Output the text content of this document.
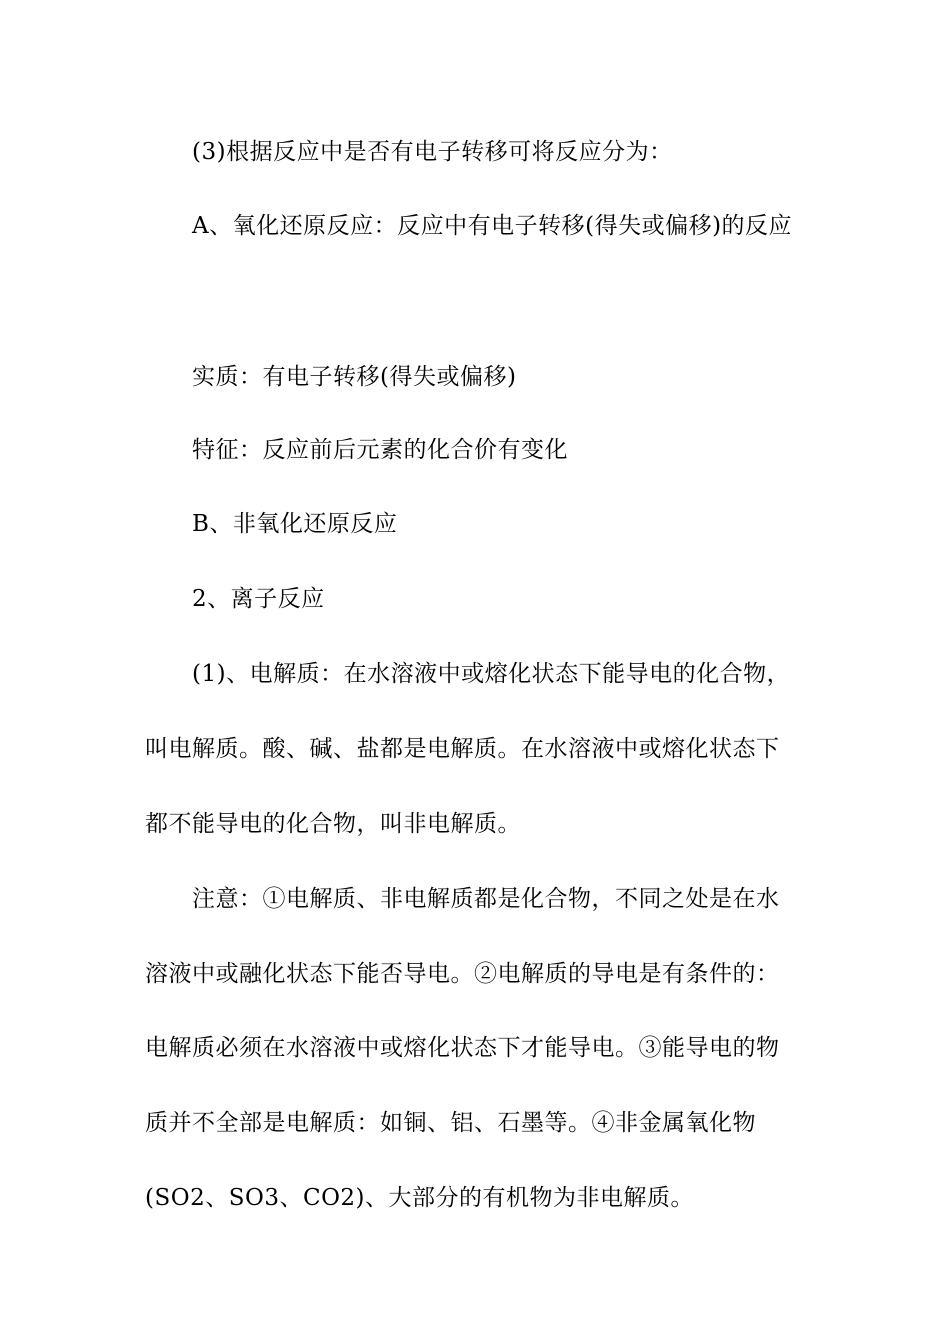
(3)根据反应中是否有电子转移可将反应分为：
A、氧化还原反应：反应中有电子转移(得失或偏移)的反应
实质：有电子转移(得失或偏移)
特征：反应前后元素的化合价有变化
B、非氧化还原反应
2、离子反应
(1)、电解质：在水溶液中或熔化状态下能导电的化合物，
叫电解质。酸、碱、盐都是电解质。在水溶液中或熔化状态下
都不能导电的化合物，叫非电解质。
注意：①电解质、非电解质都是化合物，不同之处是在水
溶液中或融化状态下能否导电。②电解质的导电是有条件的：
电解质必须在水溶液中或熔化状态下才能导电。③能导电的物
质并不全部是电解质：如铜、铝、石墨等。④非金属氧化物
(SO2、SO3、CO2)、大部分的有机物为非电解质。
